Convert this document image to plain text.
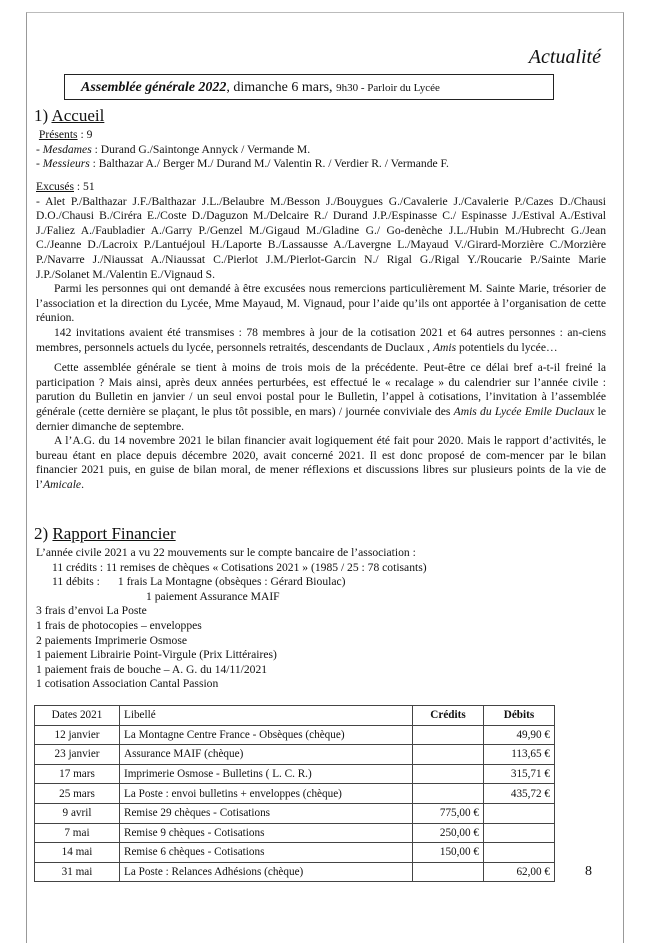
Actualité
Assemblée générale 2022, dimanche 6 mars, 9h30 - Parloir du Lycée
1) Accueil

Présents : 9

- Mesdames : Durand G./Saintonge Annyck / Vermande M.

- Messieurs : Balthazar A./ Berger M./ Durand M./ Valentin R. / Verdier R. / Vermande F.

Excusés : 51

- Alet P./Balthazar J.F./Balthazar J.L./Belaubre M./Besson J./Bouygues G./Cavalerie J./Cavalerie P./Cazes D./Chausi D.O./Chausi B./Ciréra E./Coste D./Daguzon M./Delcaire R./ Durand J.P./Espinasse C./ Espinasse J./Estival A./Estival J./Faliez A./Faubladier A./Garry P./Genzel M./Gigaud M./Gladine G./ Go-denèche J.L./Hubin M./Hubrecht G./Jean C./Jeanne D./Lacroix P./Lantuéjoul H./Laporte B./Lassausse A./Lavergne L./Mayaud V./Girard-Morzière C./Morzière P./Navarre J./Niaussat A./Niaussat C./Pierlot J.M./Pierlot-Garcin N./ Rigal G./Rigal Y./Roucarie P./Sainte Marie J.P./Solanet M./Valentin E./Vignaud S.

Parmi les personnes qui ont demandé à être excusées nous remercions particulièrement M. Sainte Marie, trésorier de l’association et la direction du Lycée, Mme Mayaud, M. Vignaud, pour l’aide qu’ils ont apportée à l’organisation de cette réunion.

142 invitations avaient été transmises : 78 membres à jour de la cotisation 2021 et 64 autres personnes : an-ciens membres, personnels actuels du lycée, personnels retraités, descendants de Duclaux , Amis potentiels du lycée…

Cette assemblée générale se tient à moins de trois mois de la précédente. Peut-être ce délai bref a-t-il freiné la participation ? Mais ainsi, après deux années perturbées, est effectué le « recalage » du calendrier sur l’année civile : parution du Bulletin en janvier / un seul envoi postal pour le Bulletin, l’appel à cotisations, l’invitation à l’assemblée générale (cette dernière se plaçant, le plus tôt possible, en mars) / journée conviviale des Amis du Lycée Emile Duclaux le dernier dimanche de septembre.

A l’A.G. du 14 novembre 2021 le bilan financier avait logiquement été fait pour 2020. Mais le rapport d’activités, le bureau étant en place depuis décembre 2020, avait concerné 2021. Il est donc proposé de com-mencer par le bilan financier 2021 puis, en guise de bilan moral, de mener réflexions et discussions libres sur plusieurs points de la vie de l’Amicale.

2) Rapport Financier

L’année civile 2021 a vu 22 mouvements sur le compte bancaire de l’association :

11 crédits : 11 remises de chèques « Cotisations 2021 » (1985 / 25 : 78 cotisants)

11 débits : 1 frais La Montagne (obsèques : Gérard Bioulac)

1 paiement Assurance MAIF

3 frais d’envoi La Poste

1 frais de photocopies – enveloppes

2 paiements Imprimerie Osmose

1 paiement Librairie Point-Virgule (Prix Littéraires)

1 paiement frais de bouche – A. G. du 14/11/2021

1 cotisation Association Cantal Passion

Dates 2021	Libellé	Crédits	Débits
12 janvier	La Montagne Centre France - Obsèques (chèque)		49,90 €
23 janvier	Assurance MAIF (chèque)		113,65 €
17 mars	Imprimerie Osmose - Bulletins ( L. C. R.)		315,71 €
25 mars	La Poste : envoi bulletins + enveloppes (chèque)		435,72 €
9 avril	Remise 29 chèques - Cotisations	775,00 €	
7 mai	Remise 9 chèques - Cotisations	250,00 €	
14 mai	Remise 6 chèques - Cotisations	150,00 €	
31 mai	La Poste : Relances Adhésions (chèque)		62,00 €	8
